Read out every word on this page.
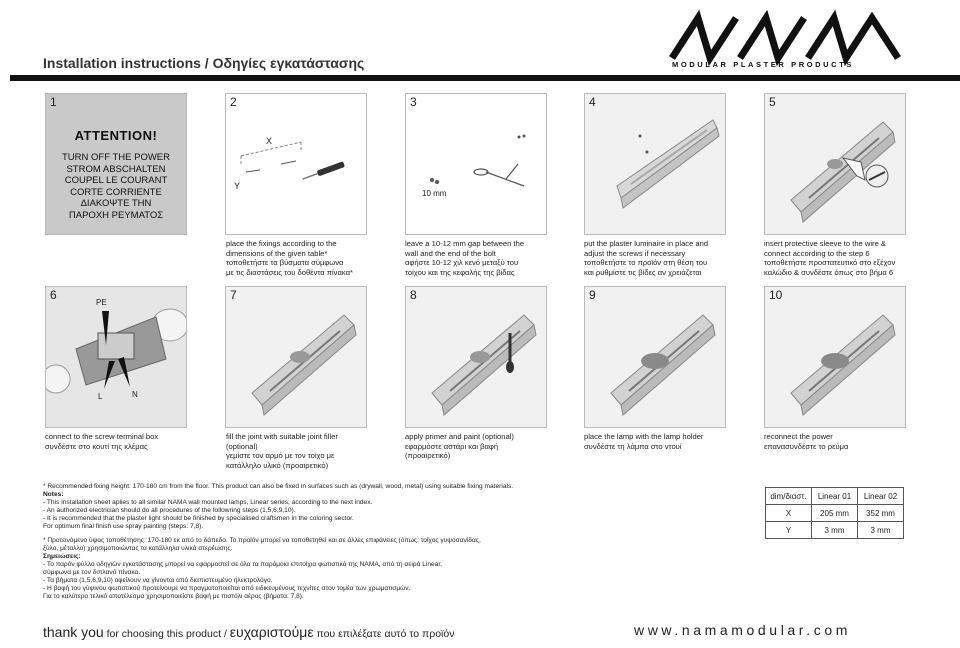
Installation instructions / Οδηγίες εγκατάστασης	MODULAR PLASTER PRODUCTS
1
ATTENTION!
TURN OFF THE POWER
STROM ABSCHALTEN
COUPEL LE COURANT
CORTE CORRIENTE
ΔΙΑΚΟΨΤΕ ΤΗΝ
ΠΑΡΟΧΗ ΡΕΥΜΑΤΟΣ
2
X
Y
3
10 mm
4	5
place the fixings according to the
dimensions of the given table*
τοποθετήστε τα βύσματα σύμφωνα
με τις διαστάσεις του δοθέντα πίνακα*
leave a 10-12 mm gap between the
wall and the end of the bolt
αφήστε 10-12 χιλ κενό μεταξύ του
τοίχου και της κεφαλής της βίδας
put the plaster luminaire in place and
adjust the screws if necessary
τοποθετήστε το προϊόν στη θέση του
και ρυθμίστε τις βίδες αν χρειάζεται
insert protective sleeve to the wire &
connect according to the step 6
τοποθετήστε προστατευτικό στο εξέχον
καλώδιο & συνδέστε όπως στο βήμα 6
6
PE
L	N
7	8	9	10
connect to the screw terminal box
συνδέστε στο κουτί της κλέμας
fill the joint with suitable joint filler
(optional)
γεμίστε τον αρμό με τον τοίχο με
κατάλληλο υλικό (προαιρετικό)
apply primer and paint (optional)
εφαρμόστε αστάρι και βαφή
(προαιρετικό)
place the lamp with the lamp holder
συνδέστε τη λάμπα στο ντουί
reconnect the power
επανασυνδέστε το ρεύμα
* Recommended fixing height: 170-180 cm from the floor. This product can also be fixed in surfaces such as (drywall, wood, metal) using suitable fixing materials.
Notes:
- This installation sheet aplies to all similar NAMA wall mounted lamps, Linear series, according to the next index.
- An authorized electrician should do all procedures of the followring steps (1,5,6,9,10).
- It is recommended that the plaster light should be finished by specialised craftsmen in the coloring sector.
For optimum final finish use spray painting (steps: 7,8).
* Προτεινόμενο ύψος τοποθέτησης: 170-180 εκ από το δάπεδο. Το προϊόν μπορεί να τοποθετηθεί και σε άλλες επιφάνειες (όπως: τοίχος γυψοσανίδας,
ξύλο, μέταλλο) χρησιμοποιώντας τα κατάλληλα υλικά στερέωσης.
Σημειώσεις:
- Το παρόν φύλλο οδηγιών εγκατάστασης μπορεί να εφαρμοστεί σε όλα τα παρόμοια επιτοίχια φωτιστικά της NAMA, από τη σειρά Linear,
σύμφωνα με τον διπλανό πίνακα.
- Τα βήματα (1,5,6,9,10) οφείλουν να γίνονται από διαπιστευμένο ηλεκτρολόγο.
- Η βαφή του γύψινου φωτιστικού προτείνουμε να πραγματοποιείται από ειδικευμένους τεχνίτες στον τομέα των χρωματισμών.
Για το καλύτερο τελικό αποτέλεσμα χρησιμοποιείστε βαφή με πιστόλι αέρος (βήματα: 7,8).
dim/διαστ.	Linear 01	Linear 02
X	205 mm	352 mm
Y	3 mm	3 mm
thank you for choosing this product / ευχαριστούμε που επιλέξατε αυτό το προϊόν	www.namamodular.com
